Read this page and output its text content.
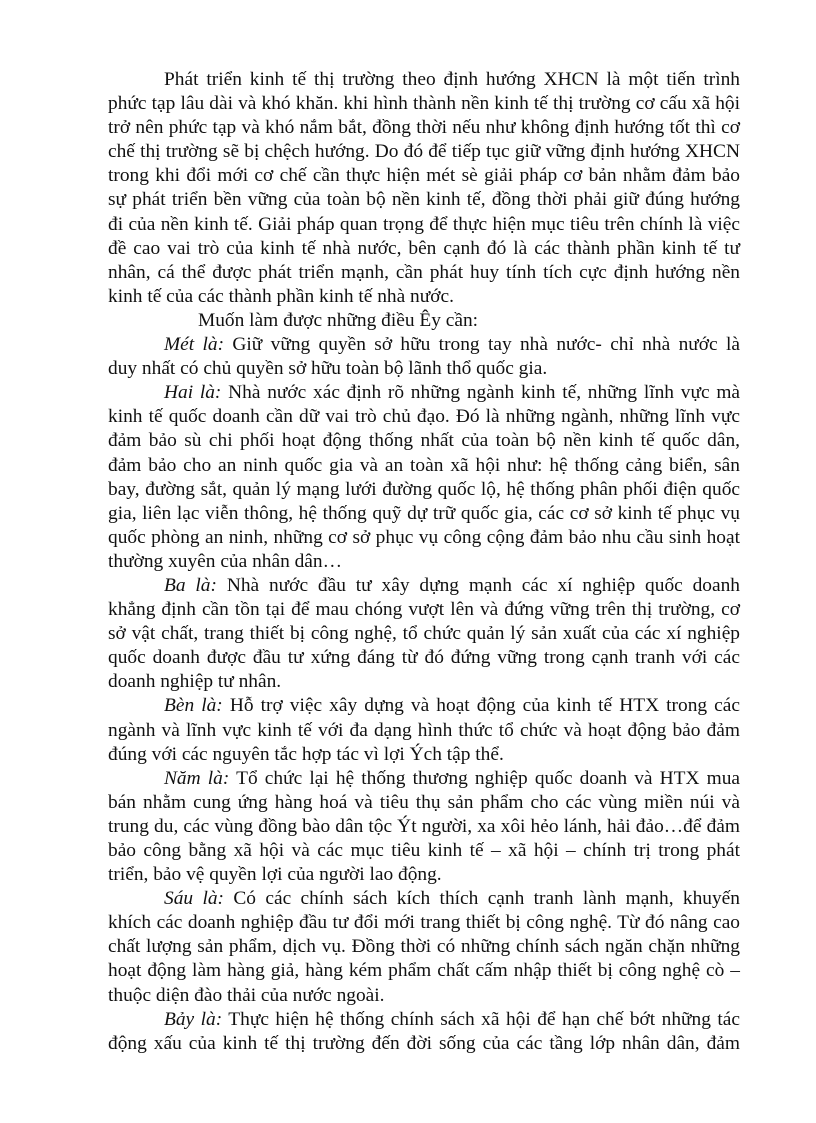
Phát triển kinh tế thị trường theo định hướng XHCN là một tiến trình
phức tạp lâu dài và khó khăn. khi hình thành nền kinh tế thị trường cơ cấu xã hội
trở nên phức tạp và khó nắm bắt, đồng thời nếu như không định hướng tốt thì cơ
chế thị trường sẽ bị chệch hướng. Do đó để tiếp tục giữ vững định hướng XHCN
trong khi đổi mới cơ chế cần thực hiện mét sè giải pháp cơ bản nhằm đảm bảo
sự phát triển bền vững của toàn bộ nền kinh tế, đồng thời phải giữ đúng hướng
đi của nền kinh tế. Giải pháp quan trọng để thực hiện mục tiêu trên chính là việc
đề cao vai trò của kinh tế nhà nước, bên cạnh đó là các thành phần kinh tế tư
nhân, cá thể được phát triển mạnh, cần phát huy tính tích cực định hướng nền
kinh tế của các thành phần kinh tế nhà nước.
Muốn làm được những điều Êy cần:
Mét là: Giữ vững quyền sở hữu trong tay nhà nước- chỉ nhà nước là
duy nhất có chủ quyền sở hữu toàn bộ lãnh thổ quốc gia.
Hai là: Nhà nước xác định rõ những ngành kinh tế, những lĩnh vực mà
kinh tế quốc doanh cần dữ vai trò chủ đạo. Đó là những ngành, những lĩnh vực
đảm bảo sù chi phối hoạt động thống nhất của toàn bộ nền kinh tế quốc dân,
đảm bảo cho an ninh quốc gia và an toàn xã hội như: hệ thống cảng biển, sân
bay, đường sắt, quản lý mạng lưới đường quốc lộ, hệ thống phân phối điện quốc
gia, liên lạc viễn thông, hệ thống quỹ dự trữ quốc gia, các cơ sở kinh tế phục vụ
quốc phòng an ninh, những cơ sở phục vụ công cộng đảm bảo nhu cầu sinh hoạt
thường xuyên của nhân dân…
Ba là: Nhà nước đầu tư xây dựng mạnh các xí nghiệp quốc doanh
khẳng định cần tồn tại để mau chóng vượt lên và đứng vững trên thị trường, cơ
sở vật chất, trang thiết bị công nghệ, tổ chức quản lý sản xuất của các xí nghiệp
quốc doanh được đầu tư xứng đáng từ đó đứng vững trong cạnh tranh với các
doanh nghiệp tư nhân.
Bèn là: Hỗ trợ việc xây dựng và hoạt động của kinh tế HTX trong các
ngành và lĩnh vực kinh tế với đa dạng hình thức tổ chức và hoạt động bảo đảm
đúng với các nguyên tắc hợp tác vì lợi Ých tập thể.
Năm là: Tổ chức lại hệ thống thương nghiệp quốc doanh và HTX mua
bán nhằm cung ứng hàng hoá và tiêu thụ sản phẩm cho các vùng miền núi và
trung du, các vùng đồng bào dân tộc Ýt người, xa xôi hẻo lánh, hải đảo…để đảm
bảo công bằng xã hội và các mục tiêu kinh tế – xã hội – chính trị trong phát
triển, bảo vệ quyền lợi của người lao động.
Sáu là: Có các chính sách kích thích cạnh tranh lành mạnh, khuyến
khích các doanh nghiệp đầu tư đổi mới trang thiết bị công nghệ. Từ đó nâng cao
chất lượng sản phẩm, dịch vụ. Đồng thời có những chính sách ngăn chặn những
hoạt động làm hàng giả, hàng kém phẩm chất cấm nhập thiết bị công nghệ cò –
thuộc diện đào thải của nước ngoài.
Bảy là: Thực hiện hệ thống chính sách xã hội để hạn chế bớt những tác
động xấu của kinh tế thị trường đến đời sống của các tầng lớp nhân dân, đảm
